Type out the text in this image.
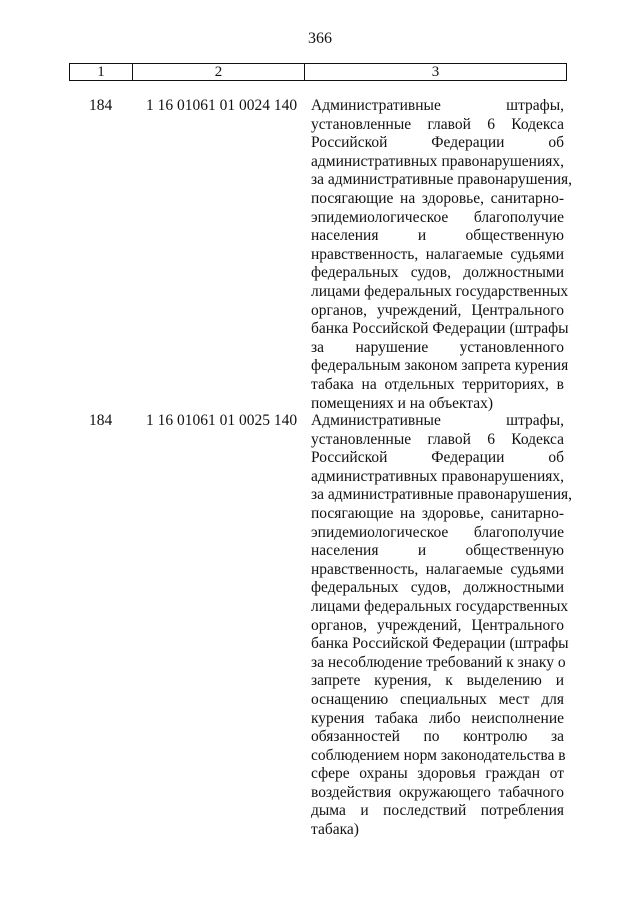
366
1	2	3
184 1 16 01061 01 0024 140 Административные штрафы,
установленные главой 6 Кодекса
Российской Федерации об
административных правонарушениях,
за административные правонарушения,
посягающие на здоровье, санитарно-
эпидемиологическое благополучие
населения и общественную
нравственность, налагаемые судьями
федеральных судов, должностными
лицами федеральных государственных
органов, учреждений, Центрального
банка Российской Федерации (штрафы
за нарушение установленного
федеральным законом запрета курения
табака на отдельных территориях, в
помещениях и на объектах)
184 1 16 01061 01 0025 140 Административные штрафы,
установленные главой 6 Кодекса
Российской Федерации об
административных правонарушениях,
за административные правонарушения,
посягающие на здоровье, санитарно-
эпидемиологическое благополучие
населения и общественную
нравственность, налагаемые судьями
федеральных судов, должностными
лицами федеральных государственных
органов, учреждений, Центрального
банка Российской Федерации (штрафы
за несоблюдение требований к знаку о
запрете курения, к выделению и
оснащению специальных мест для
курения табака либо неисполнение
обязанностей по контролю за
соблюдением норм законодательства в
сфере охраны здоровья граждан от
воздействия окружающего табачного
дыма и последствий потребления
табака)
